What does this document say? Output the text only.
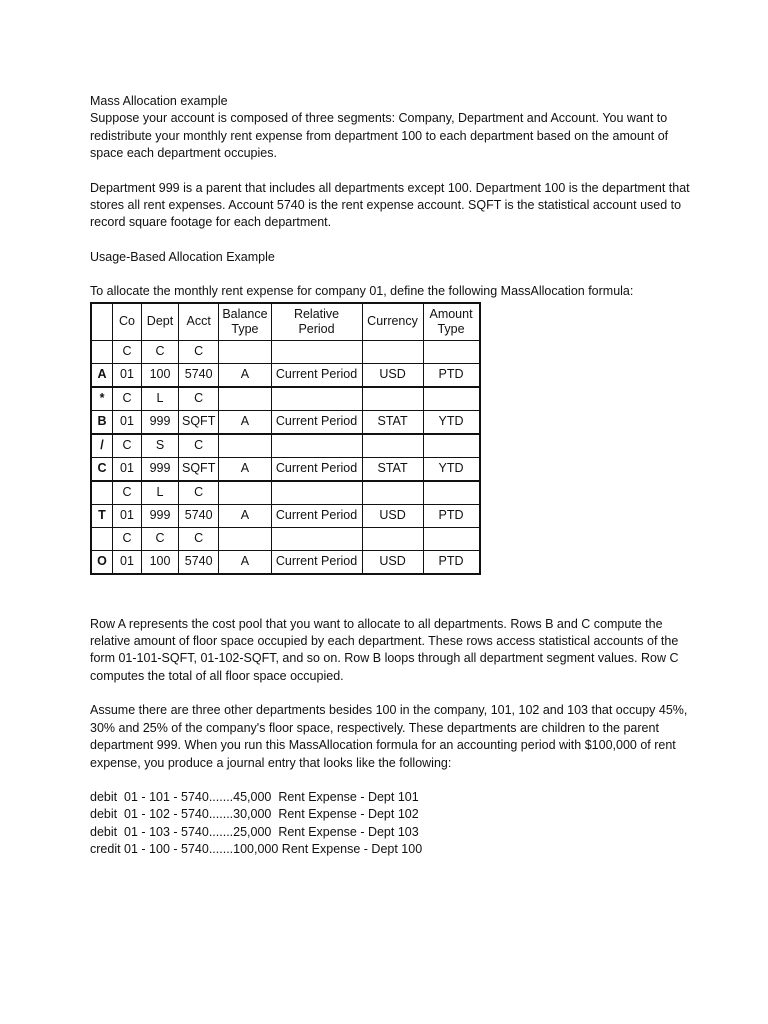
Mass Allocation example

Suppose your account is composed of three segments: Company, Department and Account. You want to redistribute your monthly rent expense from department 100 to each department based on the amount of space each department occupies.

Department 999 is a parent that includes all departments except 100. Department 100 is the department that stores all rent expenses. Account 5740 is the rent expense account. SQFT is the statistical account used to record square footage for each department.

Usage-Based Allocation Example

To allocate the monthly rent expense for company 01, define the following MassAllocation formula:

	Co	Dept	Acct	Balance Type	Relative Period	Currency	Amount Type
	C	C	C				
A	01	100	5740	A	Current Period	USD	PTD
*	C	L	C				
B	01	999	SQFT	A	Current Period	STAT	YTD
/	C	S	C				
C	01	999	SQFT	A	Current Period	STAT	YTD
	C	L	C				
T	01	999	5740	A	Current Period	USD	PTD
	C	C	C				
O	01	100	5740	A	Current Period	USD	PTD

Row A represents the cost pool that you want to allocate to all departments. Rows B and C compute the relative amount of floor space occupied by each department. These rows access statistical accounts of the form 01-101-SQFT, 01-102-SQFT, and so on. Row B loops through all department segment values. Row C computes the total of all floor space occupied.

Assume there are three other departments besides 100 in the company, 101, 102 and 103 that occupy 45%, 30% and 25% of the company's floor space, respectively. These departments are children to the parent department 999. When you run this MassAllocation formula for an accounting period with $100,000 of rent expense, you produce a journal entry that looks like the following:

debit  01 - 101 - 5740.......45,000  Rent Expense - Dept 101
debit  01 - 102 - 5740.......30,000  Rent Expense - Dept 102
debit  01 - 103 - 5740.......25,000  Rent Expense - Dept 103
credit 01 - 100 - 5740.......100,000 Rent Expense - Dept 100
